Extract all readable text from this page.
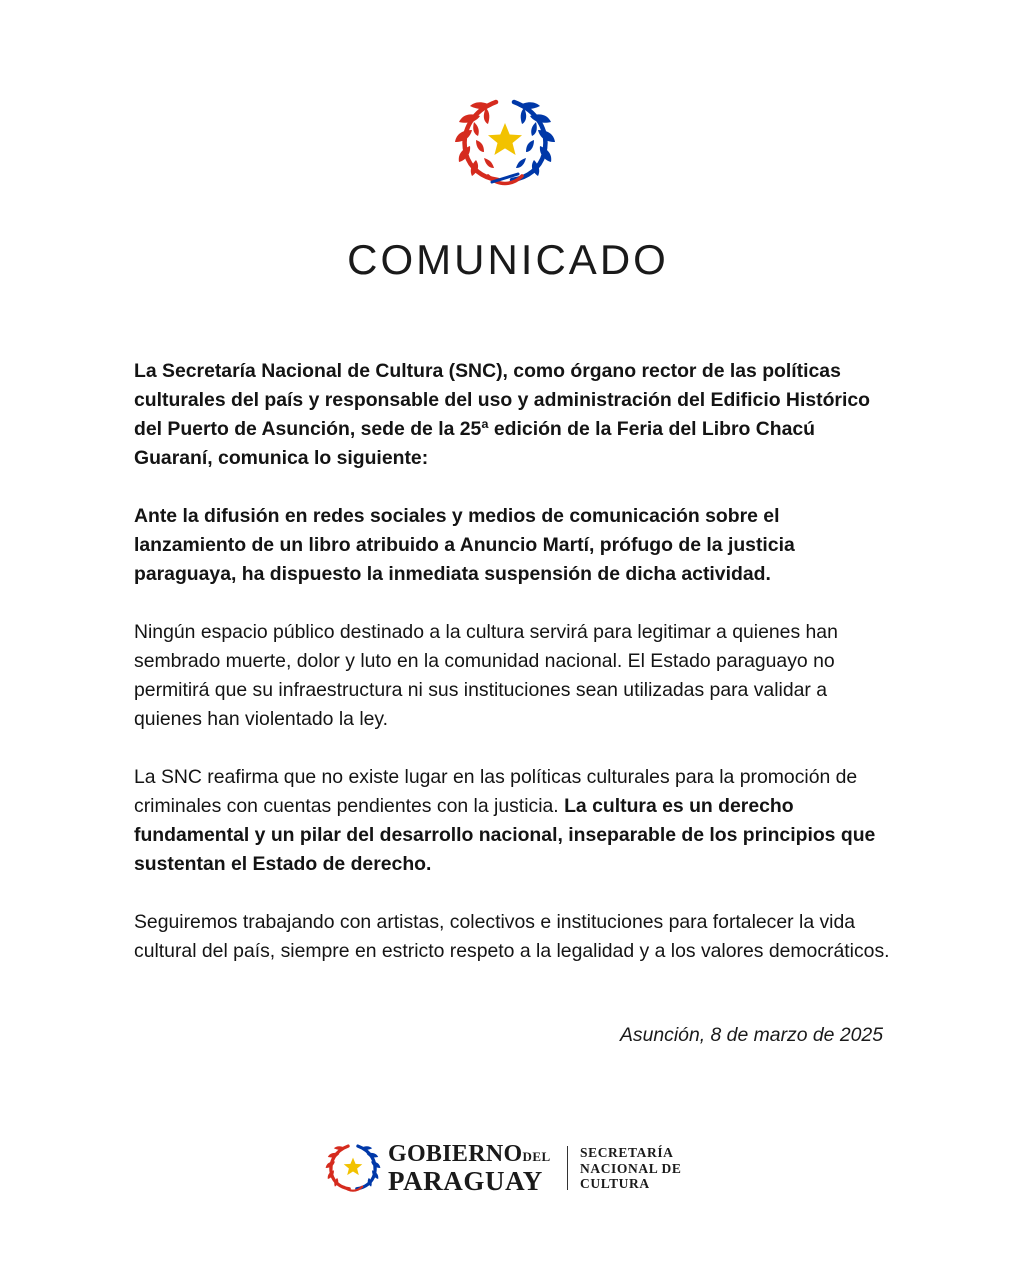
COMUNICADO

La Secretaría Nacional de Cultura (SNC), como órgano rector de las políticas culturales del país y responsable del uso y administración del Edificio Histórico del Puerto de Asunción, sede de la 25ª edición de la Feria del Libro Chacú Guaraní, comunica lo siguiente:

Ante la difusión en redes sociales y medios de comunicación sobre el lanzamiento de un libro atribuido a Anuncio Martí, prófugo de la justicia paraguaya, ha dispuesto la inmediata suspensión de dicha actividad.

Ningún espacio público destinado a la cultura servirá para legitimar a quienes han sembrado muerte, dolor y luto en la comunidad nacional. El Estado paraguayo no permitirá que su infraestructura ni sus instituciones sean utilizadas para validar a quienes han violentado la ley.

La SNC reafirma que no existe lugar en las políticas culturales para la promoción de criminales con cuentas pendientes con la justicia. La cultura es un derecho fundamental y un pilar del desarrollo nacional, inseparable de los principios que sustentan el Estado de derecho.

Seguiremos trabajando con artistas, colectivos e instituciones para fortalecer la vida cultural del país, siempre en estricto respeto a la legalidad y a los valores democráticos.

Asunción, 8 de marzo de 2025
GOBIERNODEL
PARAGUAY
SECRETARÍA
NACIONAL DE
CULTURA
